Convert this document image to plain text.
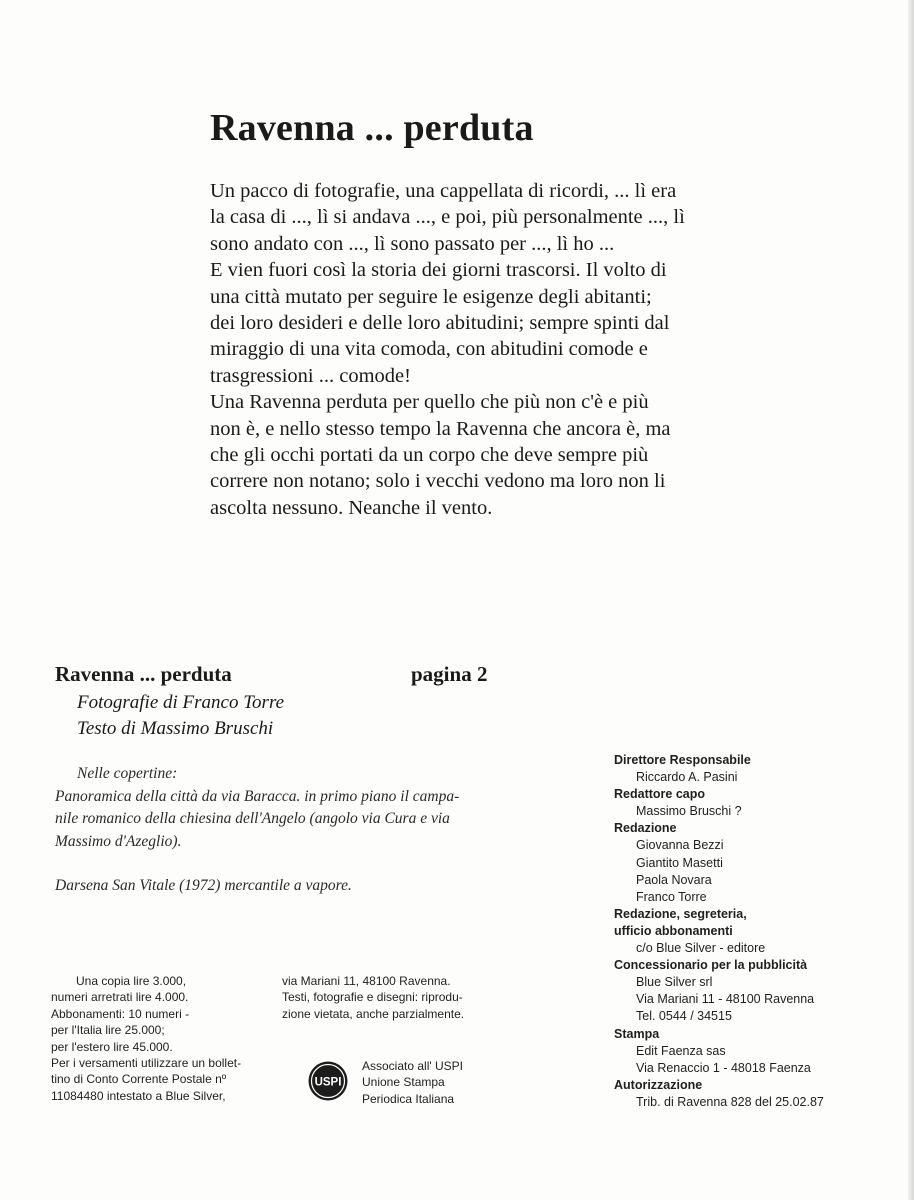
Ravenna ... perduta
Un pacco di fotografie, una cappellata di ricordi, ... lì era
la casa di ..., lì si andava ..., e poi, più personalmente ..., lì
sono andato con ..., lì sono passato per ..., lì ho ...
E vien fuori così la storia dei giorni trascorsi. Il volto di
una città mutato per seguire le esigenze degli abitanti;
dei loro desideri e delle loro abitudini; sempre spinti dal
miraggio di una vita comoda, con abitudini comode e
trasgressioni ... comode!
Una Ravenna perduta per quello che più non c'è e più
non è, e nello stesso tempo la Ravenna che ancora è, ma
che gli occhi portati da un corpo che deve sempre più
correre non notano; solo i vecchi vedono ma loro non li
ascolta nessuno. Neanche il vento.
Ravenna ... perduta	pagina 2
Fotografie di Franco Torre
Testo di Massimo Bruschi
Nelle copertine:
Panoramica della città da via Baracca. in primo piano il campa-
nile romanico della chiesina dell'Angelo (angolo via Cura e via
Massimo d'Azeglio).
Darsena San Vitale (1972) mercantile a vapore.
Direttore Responsabile
Riccardo A. Pasini
Redattore capo
Massimo Bruschi ?
Redazione
Giovanna Bezzi
Giantito Masetti
Paola Novara
Franco Torre
Redazione, segreteria,
ufficio abbonamenti
c/o Blue Silver - editore
Concessionario per la pubblicità
Blue Silver srl
Via Mariani 11 - 48100 Ravenna
Tel. 0544 / 34515
Stampa
Edit Faenza sas
Via Renaccio 1 - 48018 Faenza
Autorizzazione
Trib. di Ravenna 828 del 25.02.87
Una copia lire 3.000,
numeri arretrati lire 4.000.
Abbonamenti: 10 numeri -
per l'Italia lire 25.000;
per l'estero lire 45.000.
Per i versamenti utilizzare un bollet-
tino di Conto Corrente Postale nº
11084480 intestato a Blue Silver,
via Mariani 11, 48100 Ravenna.
Testi, fotografie e disegni: riprodu-
zione vietata, anche parzialmente.
USPI
Associato all' USPI
Unione Stampa
Periodica Italiana
